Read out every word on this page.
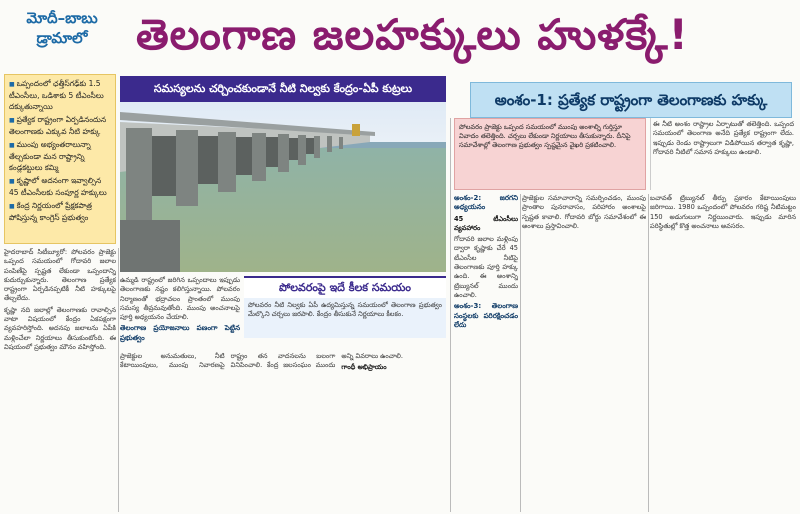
మోదీ–బాబు
డ్రామాలో	తెలంగాణ జలహక్కులు హుళక్కే!
■ ఒప్పందంలో ఛత్తీస్‌గఢ్‌కు 1.5 టీఎంసీలు, ఒడిశాకు 5 టీఎంసీలు దక్కుతున్నాయి
■ ప్రత్యేక రాష్ట్రంగా ఏర్పడినందున తెలంగాణకు ఎక్కువ నీటి హక్కు
■ ముంపు అభ్యంతరాలున్నా తేల్చకుండా మన రాష్ట్రాన్ని కండ్లకట్టులు కమ్మి
■ కృష్ణాలో అదనంగా ఇవ్వాల్సిన 45 టీఎంసీలకు సంపూర్ణ హక్కులు
■ కేంద్ర నిర్ణయంలో ప్రేక్షకపాత్ర పోషిస్తున్న కాంగ్రెస్ ప్రభుత్వం
సమస్యలను చర్చించకుండానే నీటి నిల్వకు కేంద్రం-ఏపీ కుట్రలు
పోలవరంపై ఇదే కీలక సమయం

పోలవరం నీటి నిల్వకు ఏపీ ఉద్యమిస్తున్న సమయంలో తెలంగాణ ప్రభుత్వం మేల్కొని చర్చలు జరపాలి. కేంద్రం తీసుకునే నిర్ణయాలు కీలకం.

అంశం-1: ప్రత్యేక రాష్ట్రంగా తెలంగాణకు హక్కు
పోలవరం ప్రాజెక్టు ఒప్పంద సమయంలో ముంపు అంశాల్ని గుర్తిస్తూ వివాదం తలెత్తింది. చర్చలు లేకుండా నిర్ణయాలు తీసుకున్నారు. దీనిపై సమావేశాల్లో తెలంగాణ ప్రభుత్వం స్పష్టమైన వైఖరి ప్రకటించాలి.

ఈ నీటి అంశం రాష్ట్రాల ఏర్పాటుతో తలెత్తింది. ఒప్పంద సమయంలో తెలంగాణ అనేది ప్రత్యేక రాష్ట్రంగా లేదు. ఇప్పుడు రెండు రాష్ట్రాలుగా విడిపోయిన తర్వాత కృష్ణా, గోదావరి నీటిలో సమాన హక్కులు ఉండాలి.

హైదరాబాద్ సిటీబ్యూరో: పోలవరం ప్రాజెక్టు ఒప్పంద సమయంలో గోదావరి జలాల పంపిణీపై స్పష్టత లేకుండా ఒప్పందాన్ని కుదుర్చుకున్నారు. తెలంగాణ ప్రత్యేక రాష్ట్రంగా ఏర్పడినప్పటికీ నీటి హక్కులపై తేల్చలేదు.

కృష్ణా నది జలాల్లో తెలంగాణకు రావాల్సిన వాటా విషయంలో కేంద్రం ఏకపక్షంగా వ్యవహరిస్తోంది. అదనపు జలాలను ఏపీకి మళ్లించేలా నిర్ణయాలు తీసుకుంటోంది. ఈ విషయంలో ప్రభుత్వం మౌనం వహిస్తోంది.

ఉమ్మడి రాష్ట్రంలో జరిగిన ఒప్పందాలు ఇప్పుడు తెలంగాణకు నష్టం కలిగిస్తున్నాయి. పోలవరం నిర్మాణంతో భద్రాచలం ప్రాంతంలో ముంపు సమస్య తీవ్రమవుతోంది. ముంపు అంచనాలపై పూర్తి అధ్యయనం చేయాలి.

తెలంగాణ ప్రయోజనాలు పణంగా పెట్టిన ప్రభుత్వం

ప్రాజెక్టుల అనుమతులు, నీటి కేటాయింపులు, ముంపు నివారణపై రాష్ట్రం తన వాదనలను బలంగా వినిపించాలి. కేంద్ర జలసంఘం ముందు అన్ని వివరాలు ఉంచాలి.

గాంధీ అభిప్రాయం

అంశం-2: జరగని అధ్యయనం

45 టీఎంసీలు వ్యవహారం

గోదావరి జలాల మళ్లింపు ద్వారా కృష్ణాకు చేరే 45 టీఎంసీల నీటిపై తెలంగాణకు పూర్తి హక్కు ఉంది. ఈ అంశాన్ని ట్రిబ్యునల్ ముందు ఉంచాలి.

అంశం-3: తెలంగాణ సంస్థలకు పరిరక్షించడం లేదు

ప్రాజెక్టుల సమాచారాన్ని సమర్పించడం, ముంపు ప్రాంతాల పునరావాసం, పరిహారం అంశాలపై స్పష్టత కావాలి. గోదావరి బోర్డు సమావేశంలో ఈ అంశాలు ప్రస్తావించాలి.

బచావత్ ట్రిబ్యునల్ తీర్పు ప్రకారం కేటాయింపులు జరిగాయి. 1980 ఒప్పందంలో పోలవరం గరిష్ట నీటిమట్టం 150 అడుగులుగా నిర్ణయించారు. ఇప్పుడు మారిన పరిస్థితుల్లో కొత్త అంచనాలు అవసరం.
